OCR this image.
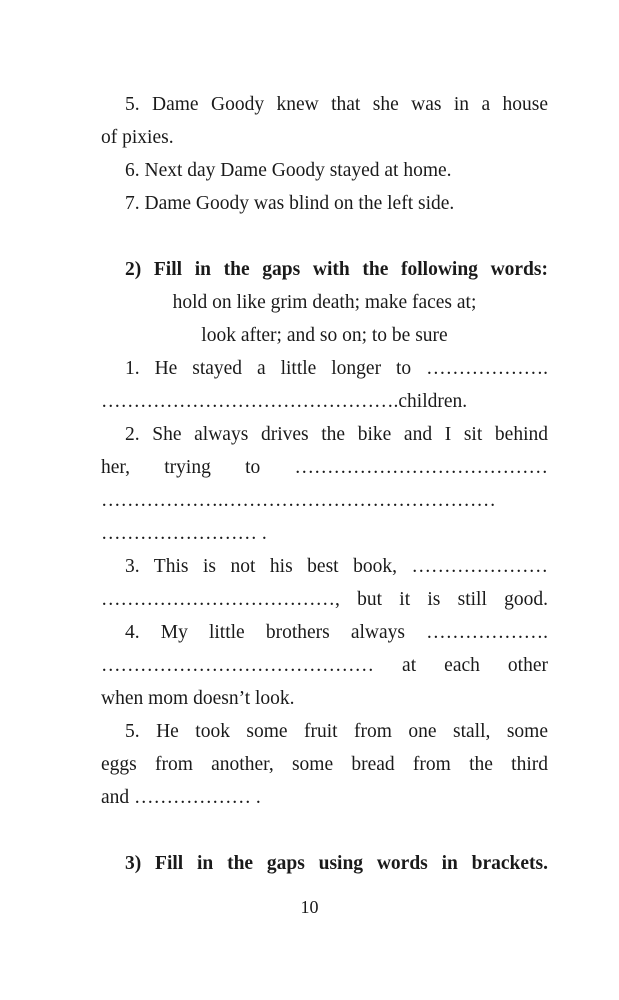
5. Dame Goody knew that she was in a house
of pixies.
6. Next day Dame Goody stayed at home.
7. Dame Goody was blind on the left side.
2) Fill in the gaps with the following words:
hold on like grim death; make faces at;
look after; and so on; to be sure
1. He stayed a little longer to ……………….
……………………………………….children.
2. She always drives the bike and I sit behind
her, trying to …………………………………
……………….……………………………………
…………………… .
3. This is not his best book, …………………
………………………………, but it is still good.
4. My little brothers always ……………….
…………………………………… at each other
when mom doesn’t look.
5. He took some fruit from one stall, some
eggs from another, some bread from the third
and ……………… .
3) Fill in the gaps using words in brackets.
10
